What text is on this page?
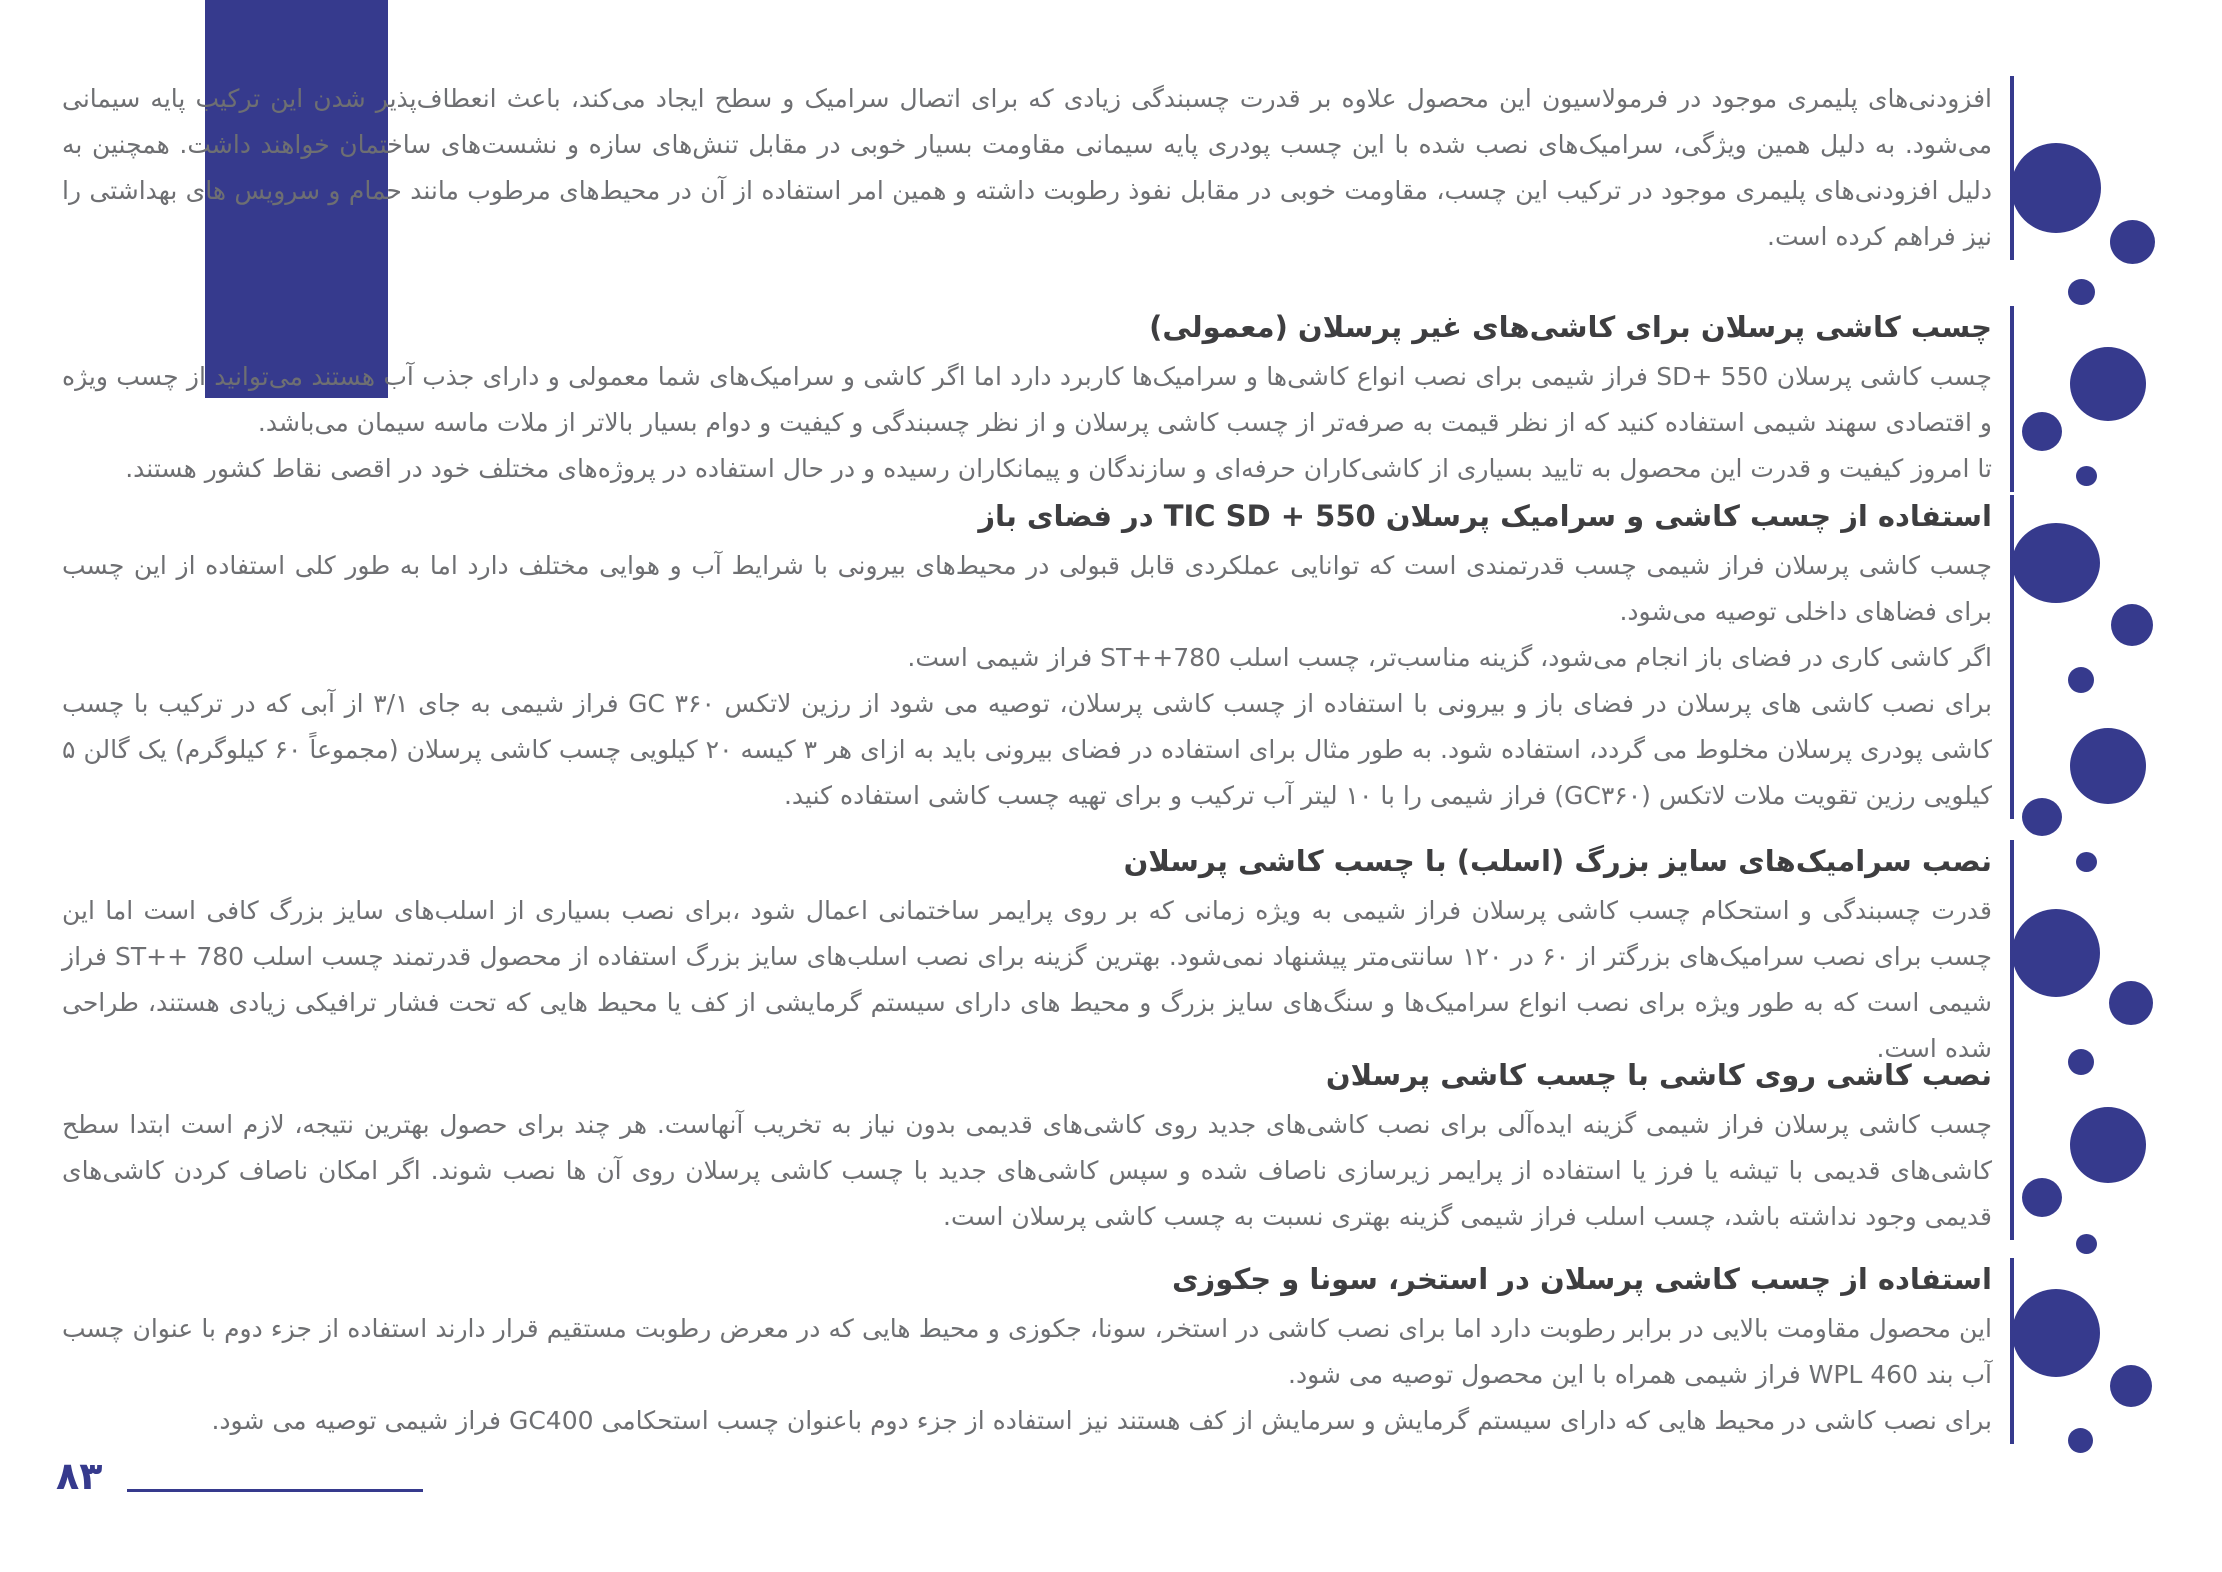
افزودنی‌های پلیمری موجود در فرمولاسیون این محصول علاوه بر قدرت چسبندگی زیادی که برای اتصال سرامیک و سطح ایجاد می‌کند، باعث انعطاف‌پذیر شدن این ترکیب پایه سیمانی می‌شود. به دلیل همین ویژگی، سرامیک‌های نصب شده با این چسب پودری پایه سیمانی مقاومت بسیار خوبی در مقابل تنش‌های سازه و نشست‌های ساختمان خواهند داشت. همچنین به دلیل افزودنی‌های پلیمری موجود در ترکیب این چسب، مقاومت خوبی در مقابل نفوذ رطوبت داشته و همین امر استفاده از آن در محیط‌های مرطوب مانند حمام و سرویس های بهداشتی را نیز فراهم کرده است.

چسب کاشی پرسلان برای کاشی‌های غیر پرسلان (معمولی)

چسب کاشی پرسلان SD+ 550 فراز شیمی برای نصب انواع کاشی‌ها و سرامیک‌ها کاربرد دارد اما اگر کاشی و سرامیک‌های شما معمولی و دارای جذب آب هستند می‌توانید از چسب ویژه و اقتصادی سهند شیمی استفاده کنید که از نظر قیمت به صرفه‌تر از چسب کاشی پرسلان و از نظر چسبندگی و کیفیت و دوام بسیار بالاتر از ملات ماسه سیمان می‌باشد.

تا امروز کیفیت و قدرت این محصول به تایید بسیاری از کاشی‌کاران حرفه‌ای و سازندگان و پیمانکاران رسیده و در حال استفاده در پروژه‌های مختلف خود در اقصی نقاط کشور هستند.

استفاده از چسب کاشی و سرامیک پرسلان TIC SD + 550 در فضای باز

چسب کاشی پرسلان فراز شیمی چسب قدرتمندی است که توانایی عملکردی قابل قبولی در محیط‌های بیرونی با شرایط آب و هوایی مختلف دارد اما به طور کلی استفاده از این چسب برای فضاهای داخلی توصیه می‌شود.

اگر کاشی کاری در فضای باز انجام می‌شود، گزینه مناسب‌تر، چسب اسلب ST++780 فراز شیمی است.

برای نصب کاشی های پرسلان در فضای باز و بیرونی با استفاده از چسب کاشی پرسلان، توصیه می شود از رزین لاتکس GC ۳۶۰ فراز شیمی به جای ۳/۱ از آبی که در ترکیب با چسب کاشی پودری پرسلان مخلوط می گردد، استفاده شود. به طور مثال برای استفاده در فضای بیرونی باید به ازای هر ۳ کیسه ۲۰ کیلویی چسب کاشی پرسلان (مجموعاً ۶۰ کیلوگرم) یک گالن ۵ کیلویی رزین تقویت ملات لاتکس (GC۳۶۰) فراز شیمی را با ۱۰ لیتر آب ترکیب و برای تهیه چسب کاشی استفاده کنید.

نصب سرامیک‌های سایز بزرگ (اسلب) با چسب کاشی پرسلان

قدرت چسبندگی و استحکام چسب کاشی پرسلان فراز شیمی به ویژه زمانی که بر روی پرایمر ساختمانی اعمال شود ،برای نصب بسیاری از اسلب‌های سایز بزرگ کافی است اما این چسب برای نصب سرامیک‌های بزرگتر از ۶۰ در ۱۲۰ سانتی‌متر پیشنهاد نمی‌شود. بهترین گزینه برای نصب اسلب‌های سایز بزرگ استفاده از محصول قدرتمند چسب اسلب ST++ 780 فراز شیمی است که به طور ویژه برای نصب انواع سرامیک‌ها و سنگ‌های سایز بزرگ و محیط های دارای سیستم گرمایشی از کف یا محیط هایی که تحت فشار ترافیکی زیادی هستند، طراحی شده است.

نصب کاشی روی کاشی با چسب کاشی پرسلان

چسب کاشی پرسلان فراز شیمی گزینه ایده‌آلی برای نصب کاشی‌های جدید روی کاشی‌های قدیمی بدون نیاز به تخریب آنهاست. هر چند برای حصول بهترین نتیجه، لازم است ابتدا سطح کاشی‌های قدیمی با تیشه یا فرز یا استفاده از پرایمر زیرسازی ناصاف شده و سپس کاشی‌های جدید با چسب کاشی پرسلان روی آن ها نصب شوند. اگر امکان ناصاف کردن کاشی‌های قدیمی وجود نداشته باشد، چسب اسلب فراز شیمی گزینه بهتری نسبت به چسب کاشی پرسلان است.

استفاده از چسب کاشی پرسلان در استخر، سونا و جکوزی

این محصول مقاومت بالایی در برابر رطوبت دارد اما برای نصب کاشی در استخر، سونا، جکوزی و محیط هایی که در معرض رطوبت مستقیم قرار دارند استفاده از جزء دوم با عنوان چسب آب بند WPL 460 فراز شیمی همراه با این محصول توصیه می شود.

برای نصب کاشی در محیط هایی که دارای سیستم گرمایش و سرمایش از کف هستند نیز استفاده از جزء دوم باعنوان چسب استحکامی GC400 فراز شیمی توصیه می شود.

۸۳
